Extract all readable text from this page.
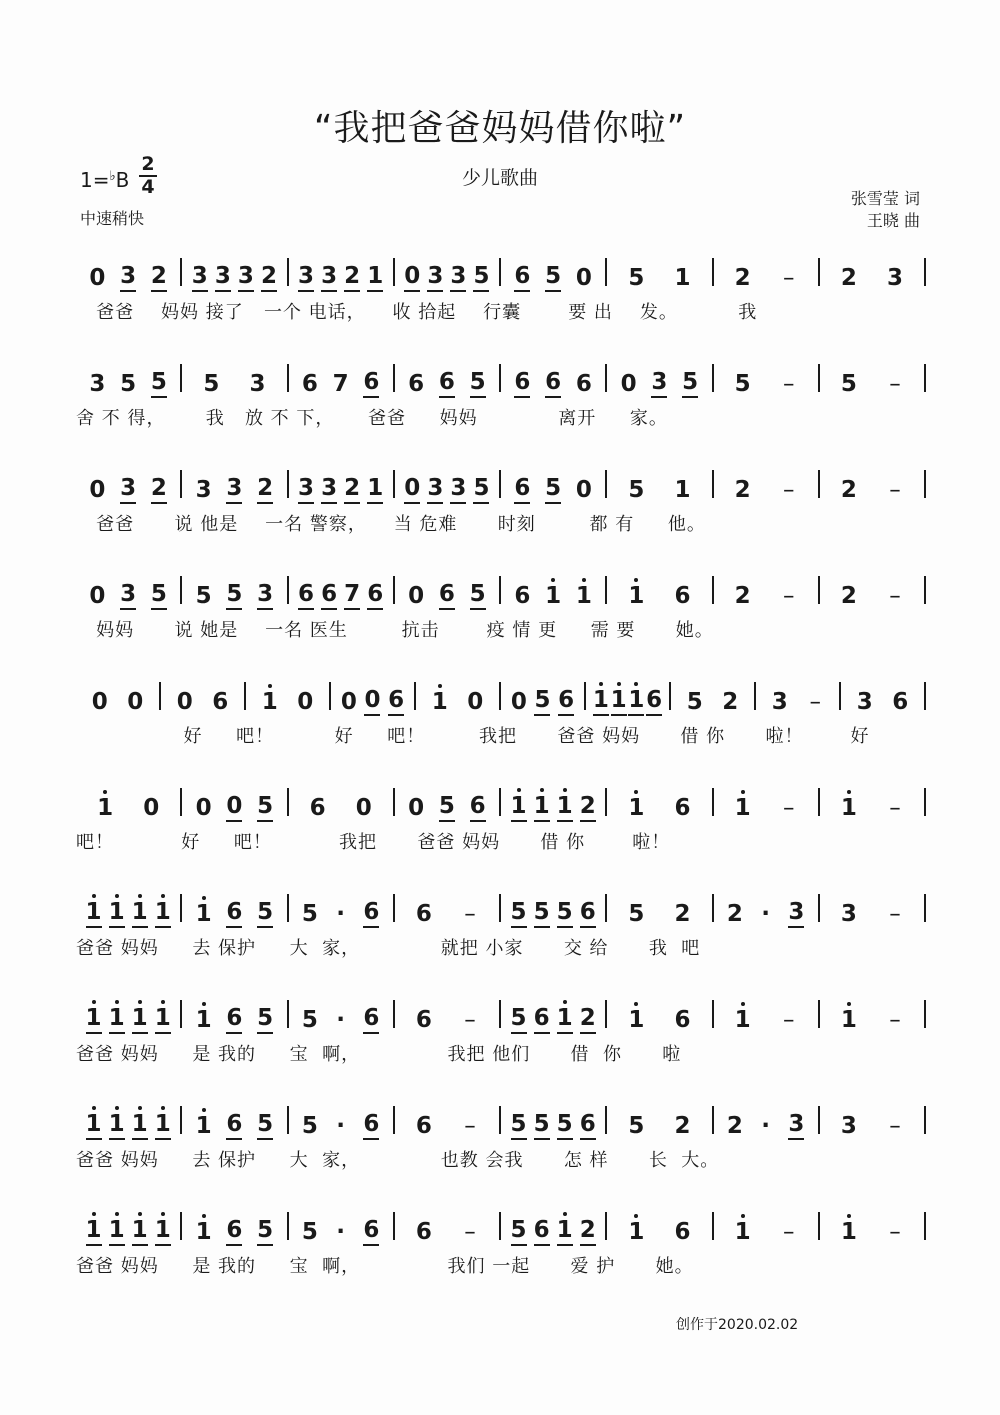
“我把爸爸妈妈借你啦”
少儿歌曲
1=♭B
2
4
中速稍快
张雪莹 词
王晓 曲
0 3 2 3 3 3 2 3 3 2 1 0 3 3 5 6 5 0 5 1 2 – 2 3
爸爸    妈妈 接了   一个 电话，    收 拾起    行囊       要 出    发。         我
3 5 5 5 3 6 7 6 6 6 5 6 6 6 0 3 5 5 – 5 –
舍 不 得，      我   放 不 下，     爸爸     妈妈            离开     家。
0 3 2 3 3 2 3 3 2 1 0 3 3 5 6 5 0 5 1 2 – 2 –
爸爸      说 他是    一名 警察，    当 危难      时刻        都 有     他。
0 3 5 5 5 3 6 6 7 6 0 6 5 6 1 1 1 6 2 – 2 –
妈妈      说 她是    一名 医生        抗击       疫 情 更     需 要      她。
0 0 0 6 1 0 0 0 6 1 0 0 5 6 1 1 1 6 5 2 3 – 3 6
好     吧！         好     吧！        我把      爸爸 妈妈      借 你      啦！       好
1 0 0 0 5 6 0 0 5 6 1 1 1 2 1 6 1 – 1 –
吧！          好     吧！          我把      爸爸 妈妈      借 你       啦！
1 1 1 1 1 6 5 5 · 6 6 – 5 5 5 6 5 2 2 · 3 3 –
爸爸 妈妈     去 保护     大  家，            就把 小家      交 给      我  吧
1 1 1 1 1 6 5 5 · 6 6 – 5 6 1 2 1 6 1 – 1 –
爸爸 妈妈     是 我的     宝  啊，             我把 他们      借  你      啦
1 1 1 1 1 6 5 5 · 6 6 – 5 5 5 6 5 2 2 · 3 3 –
爸爸 妈妈     去 保护     大  家，            也教 会我      怎 样      长  大。
1 1 1 1 1 6 5 5 · 6 6 – 5 6 1 2 1 6 1 – 1 –
爸爸 妈妈     是 我的     宝  啊，             我们 一起      爱 护      她。
创作于2020.02.02
